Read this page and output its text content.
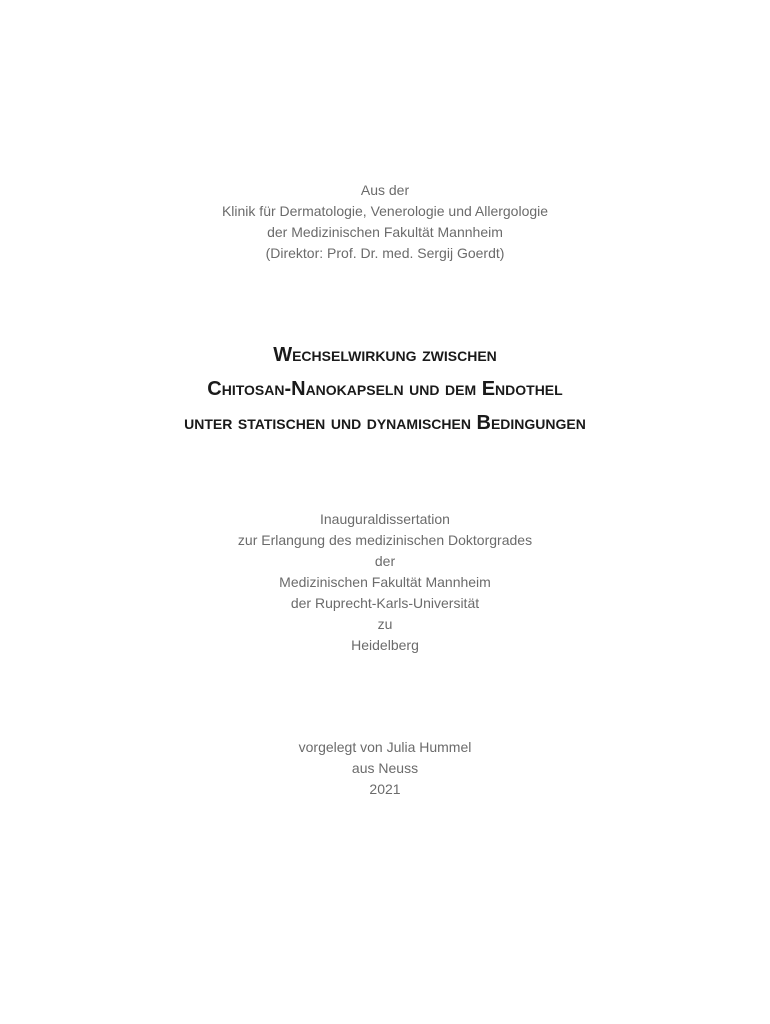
Aus der
Klinik für Dermatologie, Venerologie und Allergologie
der Medizinischen Fakultät Mannheim
(Direktor: Prof. Dr. med. Sergij Goerdt)
Wechselwirkung zwischen
Chitosan-Nanokapseln und dem Endothel
unter statischen und dynamischen Bedingungen
Inauguraldissertation
zur Erlangung des medizinischen Doktorgrades
der
Medizinischen Fakultät Mannheim
der Ruprecht-Karls-Universität
zu
Heidelberg
vorgelegt von Julia Hummel
aus Neuss
2021
